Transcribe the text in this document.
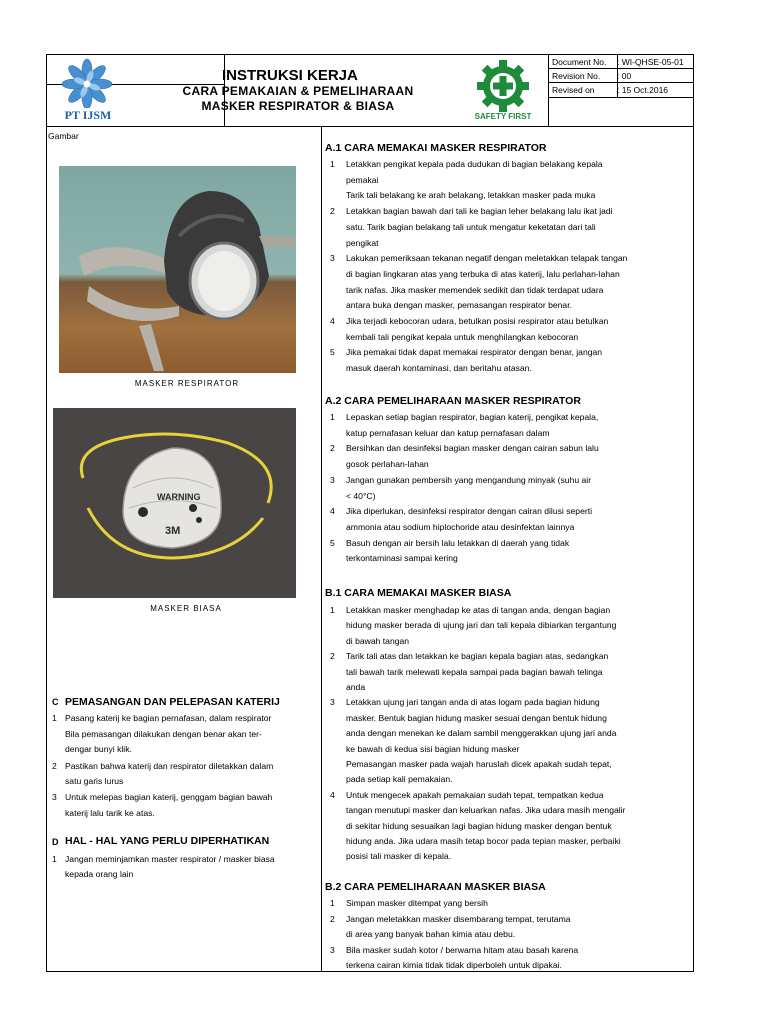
PT IJSM
INSTRUKSI KERJA
CARA PEMAKAIAN & PEMELIHARAAN
MASKER RESPIRATOR & BIASA
SAFETY FIRST
Document No. : WI-QHSE-05-01
Revision No. : 00
Revised on	: 15 Oct.2016
Gambar
MASKER RESPIRATOR
WARNING
3M
MASKER BIASA
C PEMASANGAN DAN PELEPASAN KATERIJ
1 Pasang katerij ke bagian pernafasan, dalam respirator
Bila pemasangan dilakukan dengan benar akan ter-
dengar bunyi klik.
2 Pastikan bahwa katerij dan respirator diletakkan dalam
satu garis lurus
3 Untuk melepas bagian katerij, genggam bagian bawah
katerij lalu tarik ke atas.
D HAL - HAL YANG PERLU DIPERHATIKAN
1 Jangan meminjamkan master respirator / masker biasa
kepada orang lain
A.1 CARA MEMAKAI MASKER RESPIRATOR
1 Letakkan pengikat kepala pada dudukan di bagian belakang kepala
pemakai
Tarik tali belakang ke arah belakang, letakkan masker pada muka
2 Letakkan bagian bawah dari tali ke bagian leher belakang lalu ikat jadi
satu. Tarik bagian belakang tali untuk mengatur keketatan dari tali
pengikat
3 Lakukan pemeriksaan tekanan negatif dengan meletakkan telapak tangan
di bagian lingkaran atas yang terbuka di atas katerij, lalu perlahan-lahan
tarik nafas. Jika masker memendek sedikit dan tidak terdapat udara
antara buka dengan masker, pemasangan respirator benar.
4 Jika terjadi kebocoran udara, betulkan posisi respirator atau betulkan
kembali tali pengikat kepala untuk menghilangkan kebocoran
5 Jika pemakai tidak dapat memakai respirator dengan benar, jangan
masuk daerah kontaminasi, dan beritahu atasan.
A.2 CARA PEMELIHARAAN MASKER RESPIRATOR
1 Lepaskan setiap bagian respirator, bagian katerij, pengikat kepala,
katup pernafasan keluar dan katup pernafasan dalam
2 Bersihkan dan desinfeksi bagian masker dengan cairan sabun lalu
gosok perlahan-lahan
3 Jangan gunakan pembersih yang mengandung minyak (suhu air
< 40°C)
4 Jika diperlukan, desinfeksi respirator dengan cairan dilusi seperti
ammonia atau sodium hiplochoride atau desinfektan lainnya
5 Basuh dengan air bersih lalu letakkan di daerah yang tidak
terkontaminasi sampai kering
B.1 CARA MEMAKAI MASKER BIASA
1 Letakkan masker menghadap ke atas di tangan anda, dengan bagian
hidung masker berada di ujung jari dan tali kepala dibiarkan tergantung
di bawah tangan
2 Tarik tali atas dan letakkan ke bagian kepala bagian atas, sedangkan
tali bawah tarik melewati kepala sampai pada bagian bawah telinga
anda
3 Letakkan ujung jari tangan anda di atas logam pada bagian hidung
masker. Bentuk bagian hidung masker sesuai dengan bentuk hidung
anda dengan menekan ke dalam sambil menggerakkan ujung jari anda
ke bawah di kedua sisi bagian hidung masker
Pemasangan masker pada wajah haruslah dicek apakah sudah tepat,
pada setiap kali pemakaian.
4 Untuk mengecek apakah pemakaian sudah tepat, tempatkan kedua
tangan menutupi masker dan keluarkan nafas. Jika udara masih mengalir
di sekitar hidung sesuaikan lagi bagian hidung masker dengan bentuk
hidung anda. Jika udara masih tetap bocor pada tepian masker, perbaiki
posisi tali masker di kepala.
B.2 CARA PEMELIHARAAN MASKER BIASA
1 Simpan masker ditempat yang bersih
2 Jangan meletakkan masker disembarang tempat, terutama
di area yang banyak bahan kimia atau debu.
3 Bila masker sudah kotor / berwarna hitam atau basah karena
terkena cairan kimia tidak tidak diperboleh untuk dipakai.
